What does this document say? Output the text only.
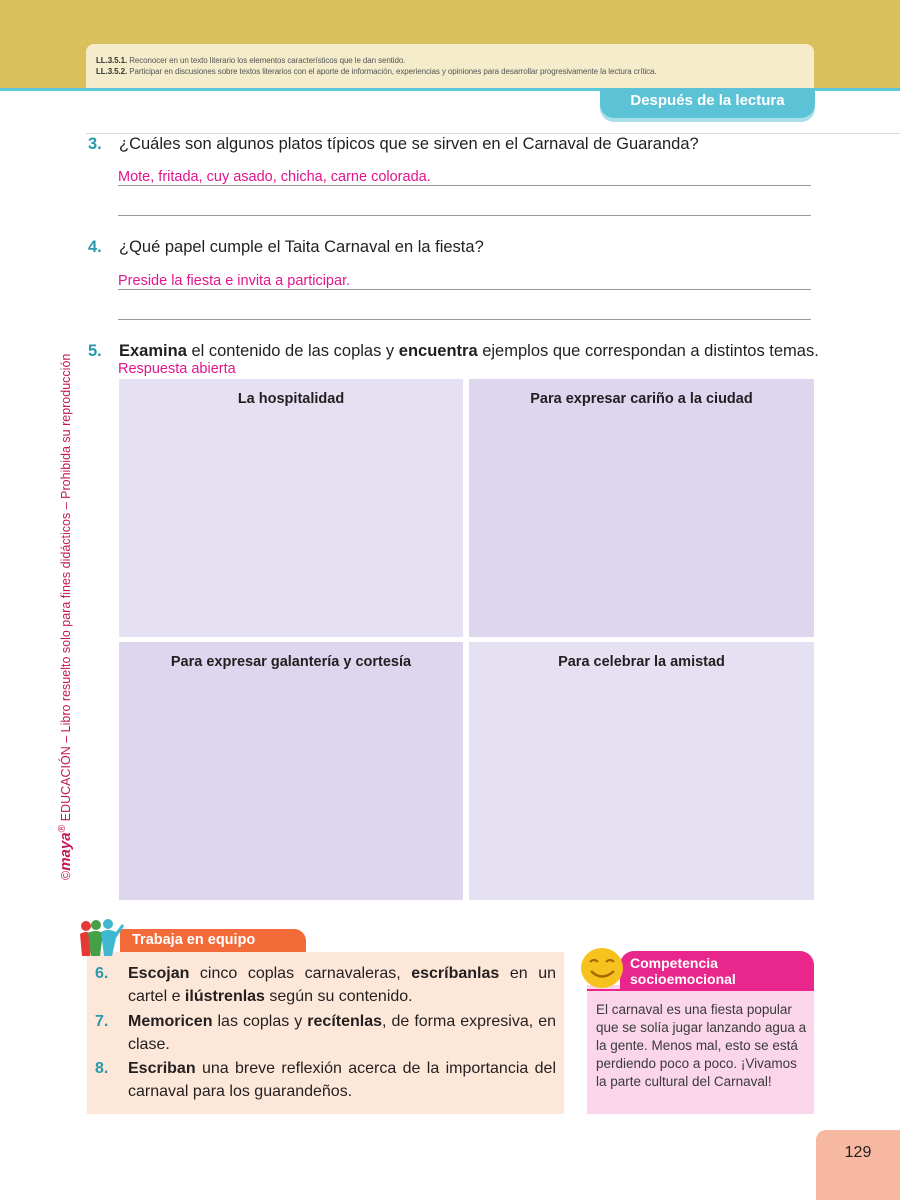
LL.3.5.1. Reconocer en un texto literario los elementos característicos que le dan sentido.
LL.3.5.2. Participar en discusiones sobre textos literarios con el aporte de información, experiencias y opiniones para desarrollar progresivamente la lectura crítica.
Después de la lectura
©maya® EDUCACIÓN – Libro resuelto solo para fines didácticos – Prohibida su reproducción
3. ¿Cuáles son algunos platos típicos que se sirven en el Carnaval de Guaranda?
Mote, fritada, cuy asado, chicha, carne colorada.
4. ¿Qué papel cumple el Taita Carnaval en la fiesta?
Preside la fiesta e invita a participar.
5. Examina el contenido de las coplas y encuentra ejemplos que correspondan a distintos temas.
Respuesta abierta
La hospitalidad	Para expresar cariño a la ciudad
Para expresar galantería y cortesía	Para celebrar la amistad
Trabaja en equipo
6. Escojan cinco coplas carnavaleras, escríbanlas en un cartel e ilústrenlas según su contenido.
7. Memoricen las coplas y recítenlas, de forma expresiva, en clase.
8. Escriban una breve reflexión acerca de la importancia del carnaval para los guarandeños.
Competencia
socioemocional
El carnaval es una fiesta popular que se solía jugar lanzando agua a la gente. Menos mal, esto se está perdiendo poco a poco. ¡Vivamos la parte cultural del Carnaval!
129
